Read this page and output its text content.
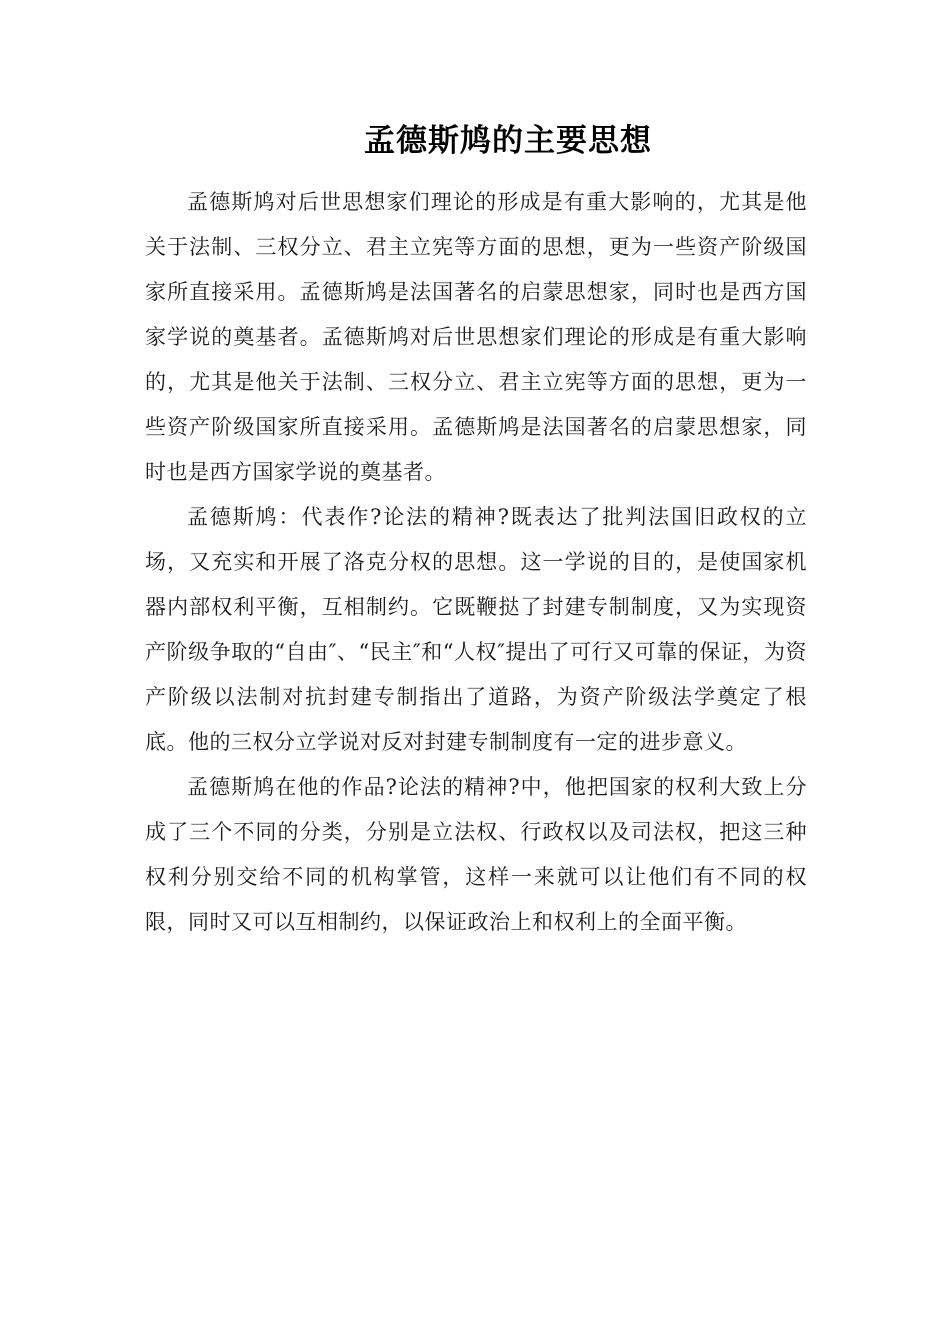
孟德斯鸠的主要思想

孟德斯鸠对后世思想家们理论的形成是有重大影响的，尤其是他关于法制、三权分立、君主立宪等方面的思想，更为一些资产阶级国家所直接采用。孟德斯鸠是法国著名的启蒙思想家，同时也是西方国家学说的奠基者。孟德斯鸠对后世思想家们理论的形成是有重大影响的，尤其是他关于法制、三权分立、君主立宪等方面的思想，更为一些资产阶级国家所直接采用。孟德斯鸠是法国著名的启蒙思想家，同时也是西方国家学说的奠基者。

孟德斯鸠：代表作?论法的精神?既表达了批判法国旧政权的立场，又充实和开展了洛克分权的思想。这一学说的目的，是使国家机器内部权利平衡，互相制约。它既鞭挞了封建专制制度，又为实现资产阶级争取的“自由″、“民主″和“人权″提出了可行又可靠的保证，为资产阶级以法制对抗封建专制指出了道路，为资产阶级法学奠定了根底。他的三权分立学说对反对封建专制制度有一定的进步意义。

孟德斯鸠在他的作品?论法的精神?中，他把国家的权利大致上分成了三个不同的分类，分别是立法权、行政权以及司法权，把这三种权利分别交给不同的机构掌管，这样一来就可以让他们有不同的权限，同时又可以互相制约，以保证政治上和权利上的全面平衡。
